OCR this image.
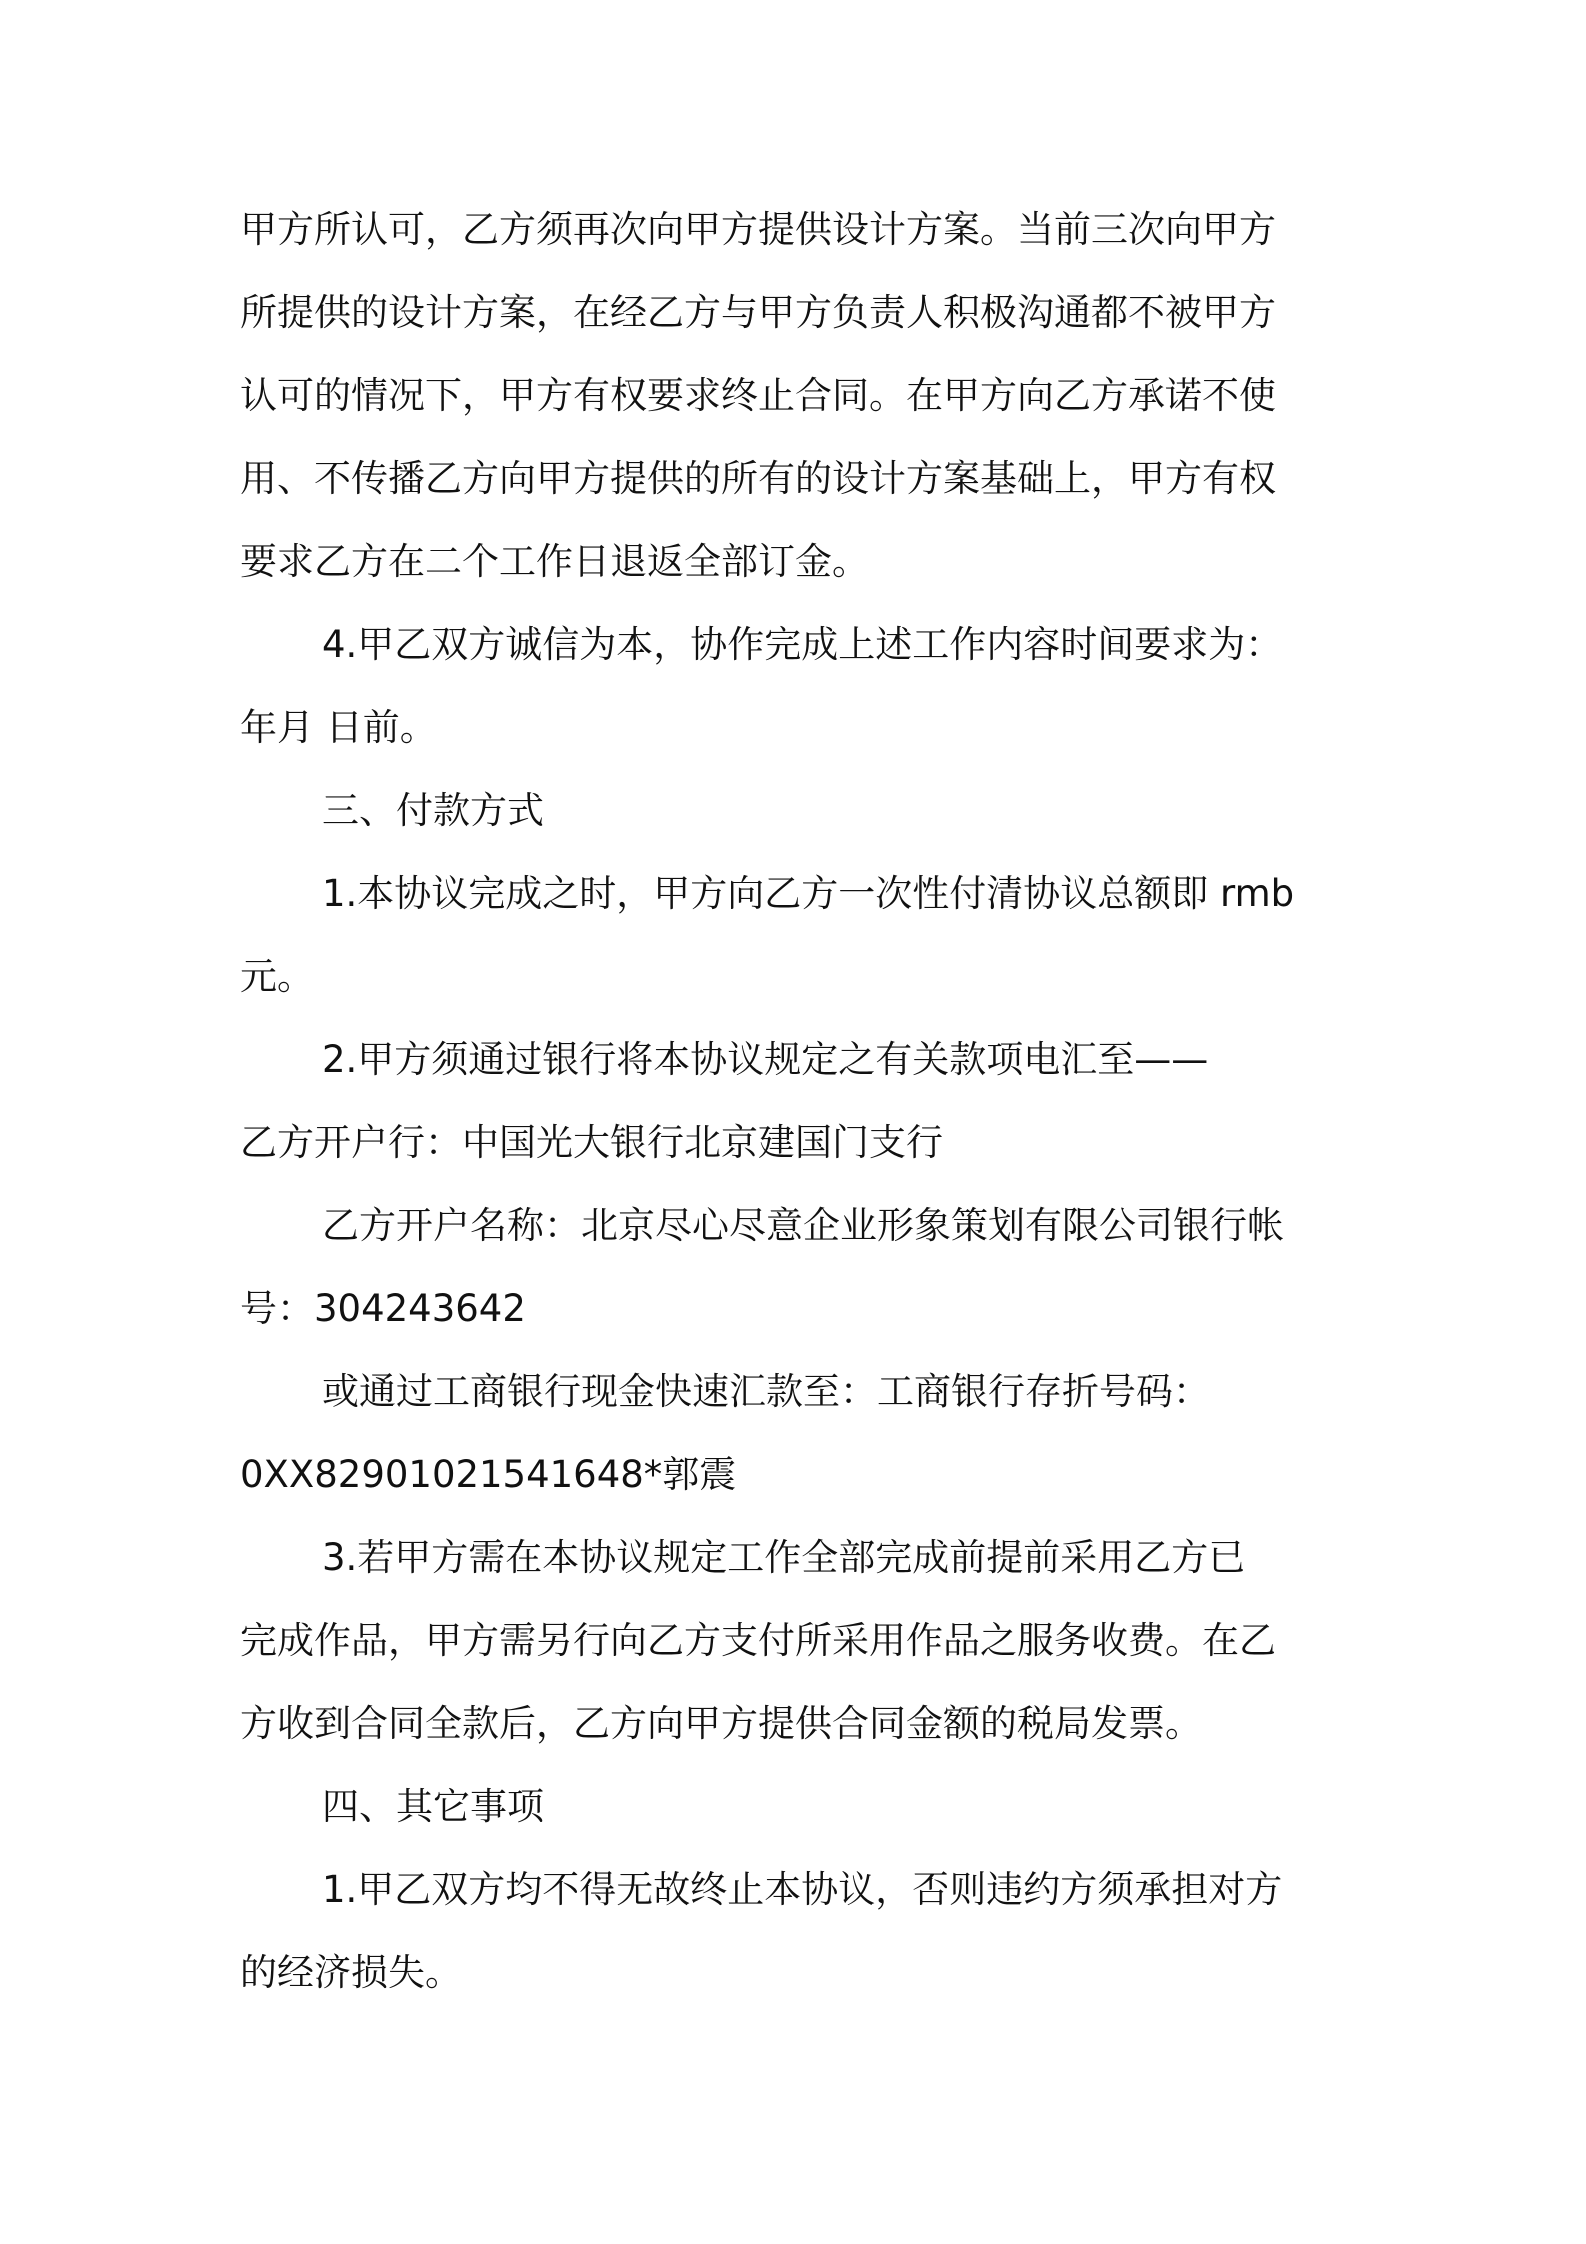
甲方所认可，乙方须再次向甲方提供设计方案。当前三次向甲方
所提供的设计方案，在经乙方与甲方负责人积极沟通都不被甲方
认可的情况下，甲方有权要求终止合同。在甲方向乙方承诺不使
用、不传播乙方向甲方提供的所有的设计方案基础上，甲方有权
要求乙方在二个工作日退返全部订金。
4.甲乙双方诚信为本，协作完成上述工作内容时间要求为：
年月 日前。
三、付款方式
1.本协议完成之时，甲方向乙方一次性付清协议总额即 rmb
元。
2.甲方须通过银行将本协议规定之有关款项电汇至——
乙方开户行：中国光大银行北京建国门支行
乙方开户名称：北京尽心尽意企业形象策划有限公司银行帐
号：304243642
或通过工商银行现金快速汇款至：工商银行存折号码：
0XX82901021541648*郭震
3.若甲方需在本协议规定工作全部完成前提前采用乙方已
完成作品，甲方需另行向乙方支付所采用作品之服务收费。在乙
方收到合同全款后，乙方向甲方提供合同金额的税局发票。
四、其它事项
1.甲乙双方均不得无故终止本协议，否则违约方须承担对方
的经济损失。
